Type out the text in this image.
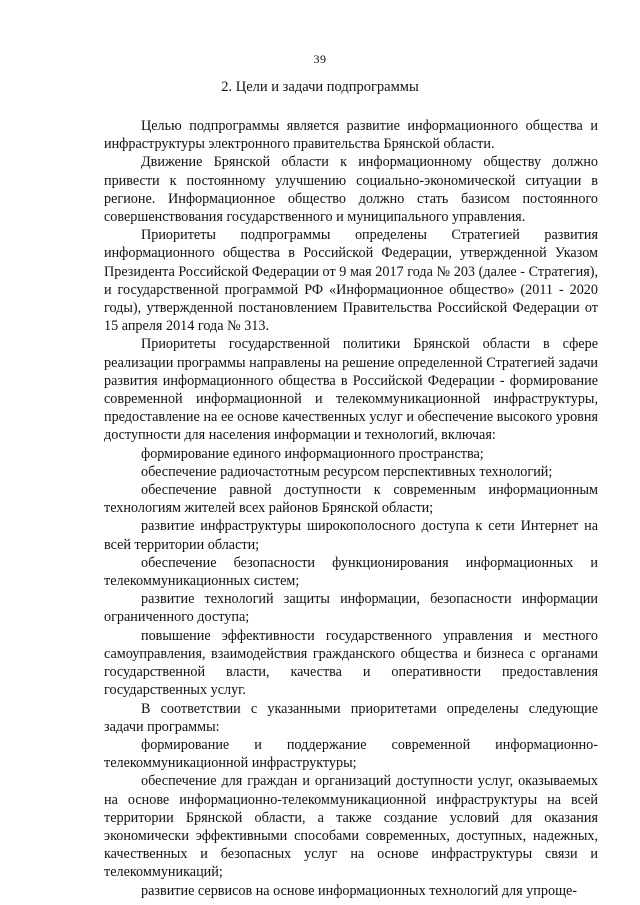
39
2. Цели и задачи подпрограммы

Целью подпрограммы является развитие информационного общества и инфраструктуры электронного правительства Брянской области.

Движение Брянской области к информационному обществу должно привести к постоянному улучшению социально-экономической ситуации в регионе. Информационное общество должно стать базисом постоянного совершенствования государственного и муниципального управления.

Приоритеты подпрограммы определены Стратегией развития информационного общества в Российской Федерации, утвержденной Указом Президента Российской Федерации от 9 мая 2017 года № 203 (далее - Стратегия), и государственной программой РФ «Информационное общество» (2011 - 2020 годы), утвержденной постановлением Правительства Российской Федерации от 15 апреля 2014 года № 313.

Приоритеты государственной политики Брянской области в сфере реализации программы направлены на решение определенной Стратегией задачи развития информационного общества в Российской Федерации - формирование современной информационной и телекоммуникационной инфраструктуры, предоставление на ее основе качественных услуг и обеспечение высокого уровня доступности для населения информации и технологий, включая:

формирование единого информационного пространства;

обеспечение радиочастотным ресурсом перспективных технологий;

обеспечение равной доступности к современным информационным технологиям жителей всех районов Брянской области;

развитие инфраструктуры широкополосного доступа к сети Интернет на всей территории области;

обеспечение безопасности функционирования информационных и телекоммуникационных систем;

развитие технологий защиты информации, безопасности информации ограниченного доступа;

повышение эффективности государственного управления и местного самоуправления, взаимодействия гражданского общества и бизнеса с органами государственной власти, качества и оперативности предоставления государственных услуг.

В соответствии с указанными приоритетами определены следующие задачи программы:

формирование и поддержание современной информационно-телекоммуникационной инфраструктуры;

обеспечение для граждан и организаций доступности услуг, оказываемых на основе информационно-телекоммуникационной инфраструктуры на всей территории Брянской области, а также создание условий для оказания экономически эффективными способами современных, доступных, надежных, качественных и безопасных услуг на основе инфраструктуры связи и телекоммуникаций;

развитие сервисов на основе информационных технологий для упроще-
